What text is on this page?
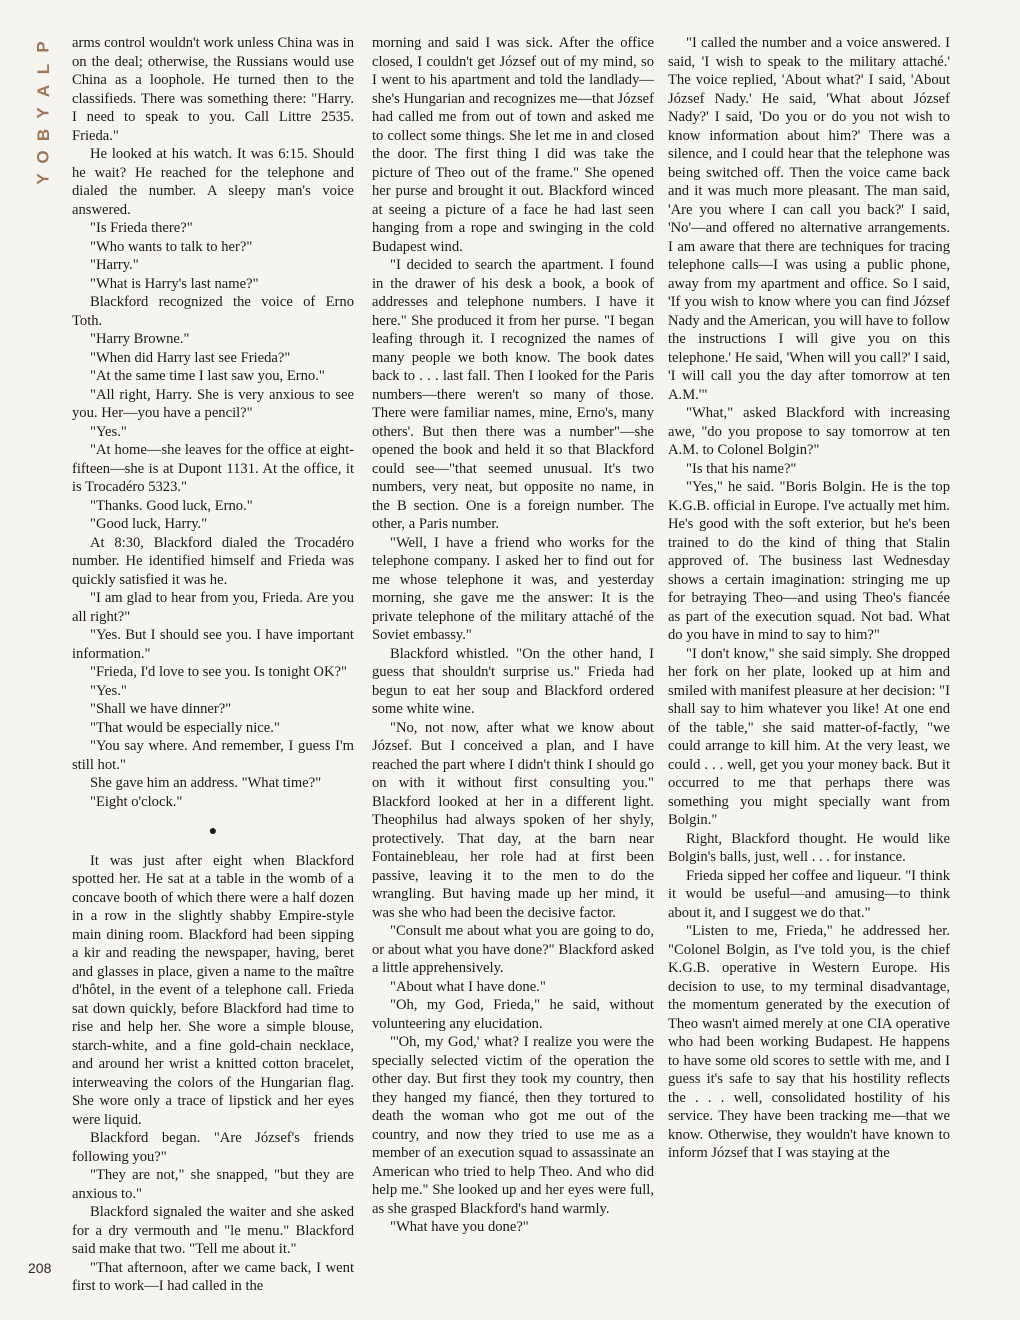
P
L
A
Y
B
O
Y

arms control wouldn't work unless China was in on the deal; otherwise, the Russians would use China as a loophole. He turned then to the classifieds. There was something there: "Harry. I need to speak to you. Call Littre 2535. Frieda."

He looked at his watch. It was 6:15. Should he wait? He reached for the telephone and dialed the number. A sleepy man's voice answered.

"Is Frieda there?"

"Who wants to talk to her?"

"Harry."

"What is Harry's last name?"

Blackford recognized the voice of Erno Toth.

"Harry Browne."

"When did Harry last see Frieda?"

"At the same time I last saw you, Erno."

"All right, Harry. She is very anxious to see you. Her—you have a pencil?"

"Yes."

"At home—she leaves for the office at eight-fifteen—she is at Dupont 1131. At the office, it is Trocadéro 5323."

"Thanks. Good luck, Erno."

"Good luck, Harry."

At 8:30, Blackford dialed the Trocadéro number. He identified himself and Frieda was quickly satisfied it was he.

"I am glad to hear from you, Frieda. Are you all right?"

"Yes. But I should see you. I have important information."

"Frieda, I'd love to see you. Is tonight OK?"

"Yes."

"Shall we have dinner?"

"That would be especially nice."

"You say where. And remember, I guess I'm still hot."

She gave him an address. "What time?"

"Eight o'clock."

●

It was just after eight when Blackford spotted her. He sat at a table in the womb of a concave booth of which there were a half dozen in a row in the slightly shabby Empire-style main dining room. Blackford had been sipping a kir and reading the newspaper, having, beret and glasses in place, given a name to the maître d'hôtel, in the event of a telephone call. Frieda sat down quickly, before Blackford had time to rise and help her. She wore a simple blouse, starch-white, and a fine gold-chain necklace, and around her wrist a knitted cotton bracelet, interweaving the colors of the Hungarian flag. She wore only a trace of lipstick and her eyes were liquid.

Blackford began. "Are József's friends following you?"

"They are not," she snapped, "but they are anxious to."

Blackford signaled the waiter and she asked for a dry vermouth and "le menu." Blackford said make that two. "Tell me about it."

"That afternoon, after we came back, I went first to work—I had called in the

morning and said I was sick. After the office closed, I couldn't get József out of my mind, so I went to his apartment and told the landlady—she's Hungarian and recognizes me—that József had called me from out of town and asked me to collect some things. She let me in and closed the door. The first thing I did was take the picture of Theo out of the frame." She opened her purse and brought it out. Blackford winced at seeing a picture of a face he had last seen hanging from a rope and swinging in the cold Budapest wind.

"I decided to search the apartment. I found in the drawer of his desk a book, a book of addresses and telephone numbers. I have it here." She produced it from her purse. "I began leafing through it. I recognized the names of many people we both know. The book dates back to . . . last fall. Then I looked for the Paris numbers—there weren't so many of those. There were familiar names, mine, Erno's, many others'. But then there was a number"—she opened the book and held it so that Blackford could see—"that seemed unusual. It's two numbers, very neat, but opposite no name, in the B section. One is a foreign number. The other, a Paris number.

"Well, I have a friend who works for the telephone company. I asked her to find out for me whose telephone it was, and yesterday morning, she gave me the answer: It is the private telephone of the military attaché of the Soviet embassy."

Blackford whistled. "On the other hand, I guess that shouldn't surprise us." Frieda had begun to eat her soup and Blackford ordered some white wine.

"No, not now, after what we know about József. But I conceived a plan, and I have reached the part where I didn't think I should go on with it without first consulting you." Blackford looked at her in a different light. Theophilus had always spoken of her shyly, protectively. That day, at the barn near Fontainebleau, her role had at first been passive, leaving it to the men to do the wrangling. But having made up her mind, it was she who had been the decisive factor.

"Consult me about what you are going to do, or about what you have done?" Blackford asked a little apprehensively.

"About what I have done."

"Oh, my God, Frieda," he said, without volunteering any elucidation.

"'Oh, my God,' what? I realize you were the specially selected victim of the operation the other day. But first they took my country, then they hanged my fiancé, then they tortured to death the woman who got me out of the country, and now they tried to use me as a member of an execution squad to assassinate an American who tried to help Theo. And who did help me." She looked up and her eyes were full, as she grasped Blackford's hand warmly.

"What have you done?"

"I called the number and a voice answered. I said, 'I wish to speak to the military attaché.' The voice replied, 'About what?' I said, 'About József Nady.' He said, 'What about József Nady?' I said, 'Do you or do you not wish to know information about him?' There was a silence, and I could hear that the telephone was being switched off. Then the voice came back and it was much more pleasant. The man said, 'Are you where I can call you back?' I said, 'No'—and offered no alternative arrangements. I am aware that there are techniques for tracing telephone calls—I was using a public phone, away from my apartment and office. So I said, 'If you wish to know where you can find József Nady and the American, you will have to follow the instructions I will give you on this telephone.' He said, 'When will you call?' I said, 'I will call you the day after tomorrow at ten A.M.'"

"What," asked Blackford with increasing awe, "do you propose to say tomorrow at ten A.M. to Colonel Bolgin?"

"Is that his name?"

"Yes," he said. "Boris Bolgin. He is the top K.G.B. official in Europe. I've actually met him. He's good with the soft exterior, but he's been trained to do the kind of thing that Stalin approved of. The business last Wednesday shows a certain imagination: stringing me up for betraying Theo—and using Theo's fiancée as part of the execution squad. Not bad. What do you have in mind to say to him?"

"I don't know," she said simply. She dropped her fork on her plate, looked up at him and smiled with manifest pleasure at her decision: "I shall say to him whatever you like! At one end of the table," she said matter-of-factly, "we could arrange to kill him. At the very least, we could . . . well, get you your money back. But it occurred to me that perhaps there was something you might specially want from Bolgin."

Right, Blackford thought. He would like Bolgin's balls, just, well . . . for instance.

Frieda sipped her coffee and liqueur. "I think it would be useful—and amusing—to think about it, and I suggest we do that."

"Listen to me, Frieda," he addressed her. "Colonel Bolgin, as I've told you, is the chief K.G.B. operative in Western Europe. His decision to use, to my terminal disadvantage, the momentum generated by the execution of Theo wasn't aimed merely at one CIA operative who had been working Budapest. He happens to have some old scores to settle with me, and I guess it's safe to say that his hostility reflects the . . . well, consolidated hostility of his service. They have been tracking me—that we know. Otherwise, they wouldn't have known to inform József that I was staying at the

208
